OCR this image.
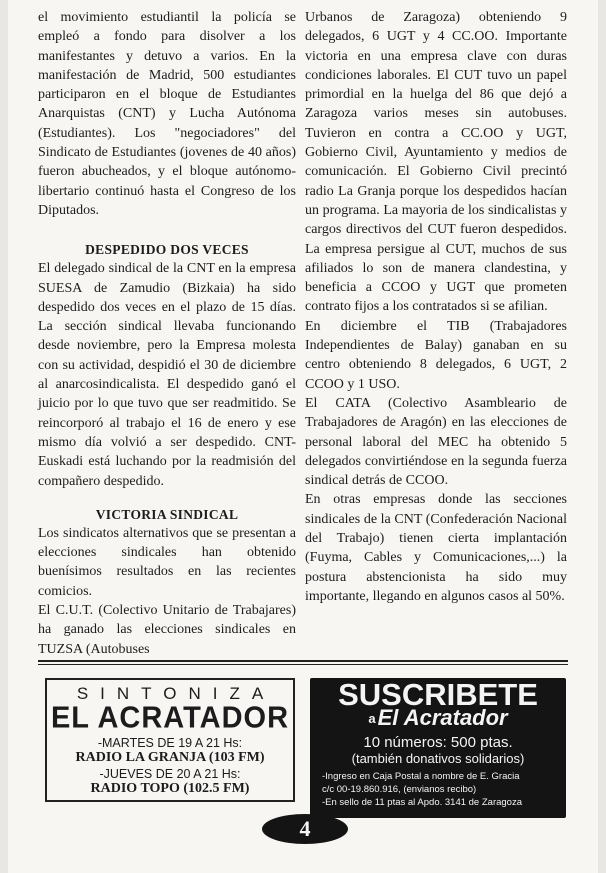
el movimiento estudiantil la policía se empleó a fondo para disolver a los manifestantes y detuvo a varios. En la manifestación de Madrid, 500 estudiantes participaron en el bloque de Estudiantes Anarquistas (CNT) y Lucha Autónoma (Estudiantes). Los "negociadores" del Sindicato de Estudiantes (jovenes de 40 años) fueron abucheados, y el bloque autónomo-libertario continuó hasta el Congreso de los Diputados.

DESPEDIDO DOS VECES

El delegado sindical de la CNT en la empresa SUESA de Zamudio (Bizkaia) ha sido despedido dos veces en el plazo de 15 días. La sección sindical llevaba funcionando desde noviembre, pero la Empresa molesta con su actividad, despidió el 30 de diciembre al anarcosindicalista. El despedido ganó el juicio por lo que tuvo que ser readmitido. Se reincorporó al trabajo el 16 de enero y ese mismo día volvió a ser despedido. CNT- Euskadi está luchando por la readmisión del compañero despedido.

VICTORIA SINDICAL

Los sindicatos alternativos que se presentan a elecciones sindicales han obtenido buenísimos resultados en las recientes comicios.

El C.U.T. (Colectivo Unitario de Trabajares) ha ganado las elecciones sindicales en TUZSA (Autobuses

Urbanos de Zaragoza) obteniendo 9 delegados, 6 UGT y 4 CC.OO. Importante victoria en una empresa clave con duras condiciones laborales. El CUT tuvo un papel primordial en la huelga del 86 que dejó a Zaragoza varios meses sin autobuses. Tuvieron en contra a CC.OO y UGT, Gobierno Civil, Ayuntamiento y medios de comunicación. El Gobierno Civil precintó radio La Granja porque los despedidos hacían un programa. La mayoria de los sindicalistas y cargos directivos del CUT fueron despedidos. La empresa persigue al CUT, muchos de sus afiliados lo son de manera clandestina, y beneficia a CCOO y UGT que prometen contrato fijos a los contratados si se afilian.

En diciembre el TIB (Trabajadores Independientes de Balay) ganaban en su centro obteniendo 8 delegados, 6 UGT, 2 CCOO y 1 USO.

El CATA (Colectivo Asambleario de Trabajadores de Aragón) en las elecciones de personal laboral del MEC ha obtenido 5 delegados convirtiéndose en la segunda fuerza sindical detrás de CCOO.

En otras empresas donde las secciones sindicales de la CNT (Confederación Nacional del Trabajo) tienen cierta implantación (Fuyma, Cables y Comunicaciones,...) la postura abstencionista ha sido muy importante, llegando en algunos casos al 50%.

SINTONIZA
EL ACRATADOR
-MARTES DE 19 A 21 Hs:
RADIO LA GRANJA (103 FM)
-JUEVES DE 20 A 21 Hs:
RADIO TOPO (102.5 FM)
SUSCRIBETE
aEl Acratador
10 números: 500 ptas.
(también donativos solidarios)
-Ingreso en Caja Postal a nombre de E. Gracia
c/c 00-19.860.916, (envianos recibo)
-En sello de 11 ptas al Apdo. 3141 de Zaragoza
4
